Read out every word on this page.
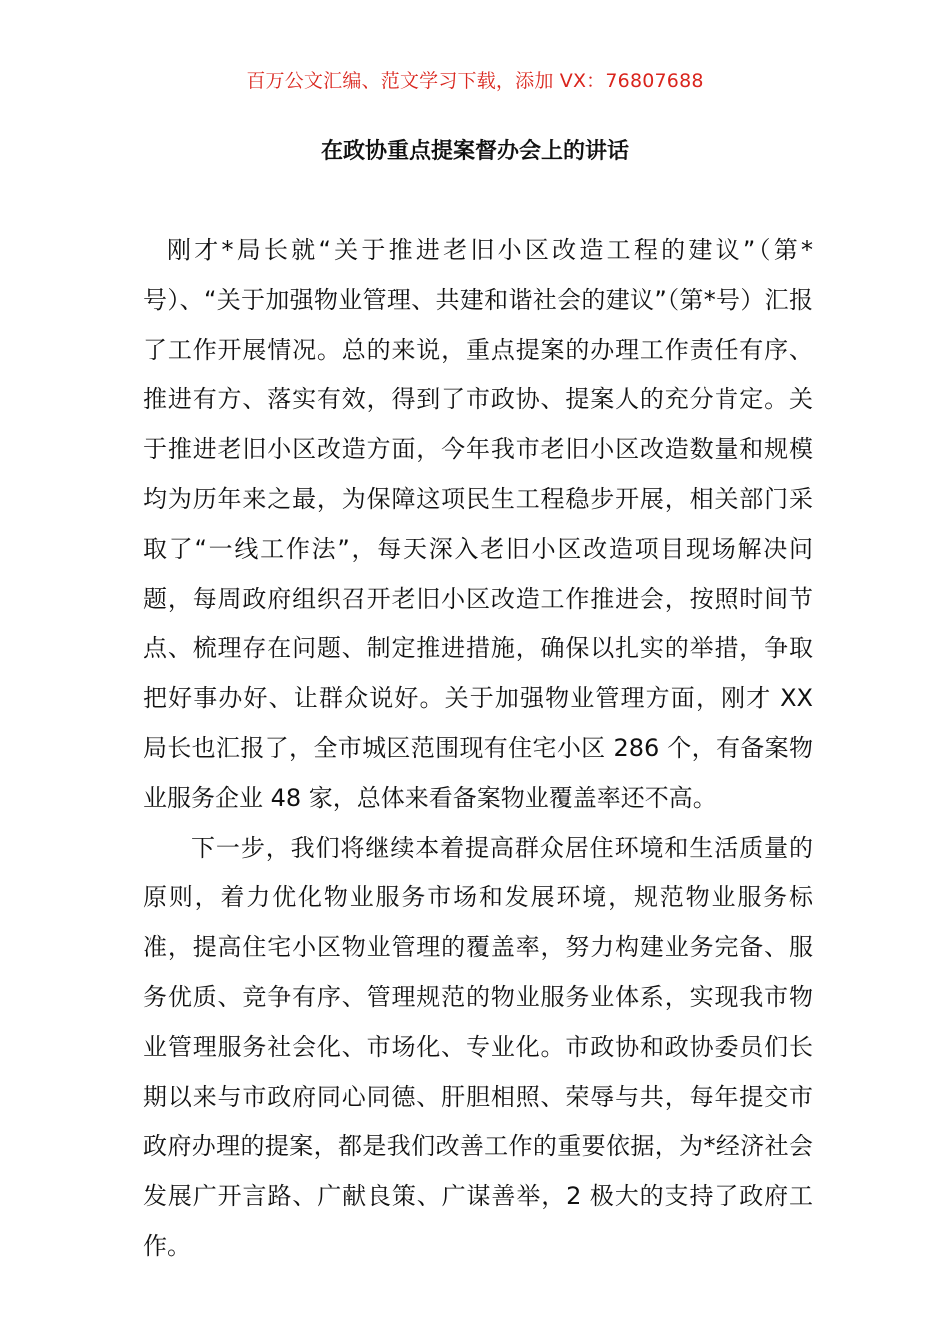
百万公文汇编、范文学习下载，添加 VX：76807688
在政协重点提案督办会上的讲话

刚才*局长就“关于推进老旧小区改造工程的建议”（第*号）、“关于加强物业管理、共建和谐社会的建议”（第*号）汇报了工作开展情况。总的来说，重点提案的办理工作责任有序、推进有方、落实有效，得到了市政协、提案人的充分肯定。关于推进老旧小区改造方面，今年我市老旧小区改造数量和规模均为历年来之最，为保障这项民生工程稳步开展，相关部门采取了“一线工作法”，每天深入老旧小区改造项目现场解决问题，每周政府组织召开老旧小区改造工作推进会，按照时间节点、梳理存在问题、制定推进措施，确保以扎实的举措，争取把好事办好、让群众说好。关于加强物业管理方面，刚才 XX 局长也汇报了，全市城区范围现有住宅小区 286 个，有备案物业服务企业 48 家，总体来看备案物业覆盖率还不高。

下一步，我们将继续本着提高群众居住环境和生活质量的原则，着力优化物业服务市场和发展环境，规范物业服务标准，提高住宅小区物业管理的覆盖率，努力构建业务完备、服务优质、竞争有序、管理规范的物业服务业体系，实现我市物业管理服务社会化、市场化、专业化。市政协和政协委员们长期以来与市政府同心同德、肝胆相照、荣辱与共，每年提交市政府办理的提案，都是我们改善工作的重要依据，为*经济社会发展广开言路、广献良策、广谋善举，2 极大的支持了政府工作。
